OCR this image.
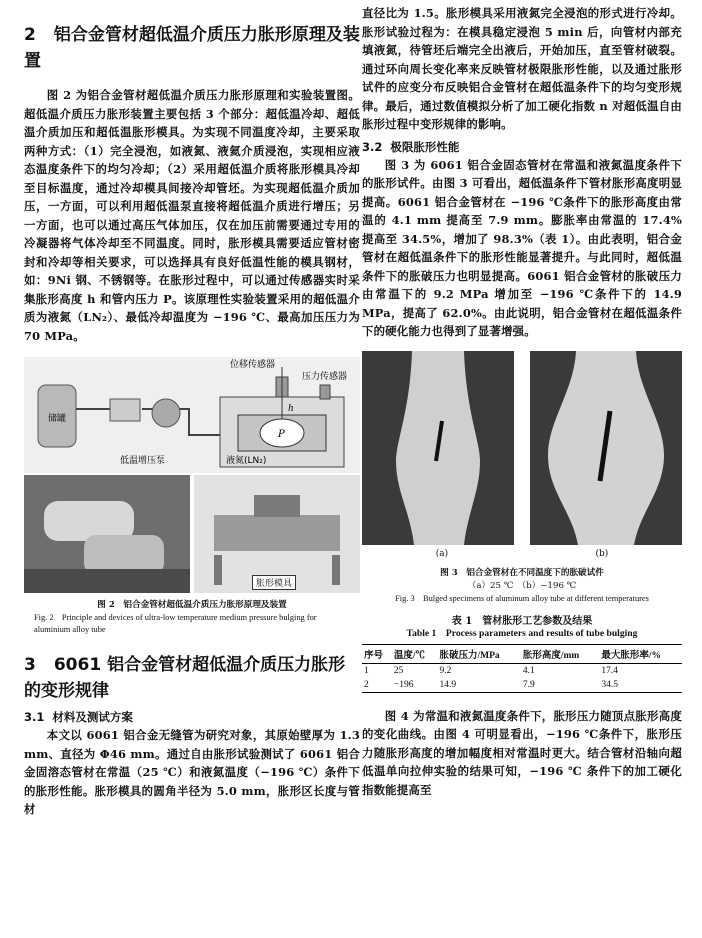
2 铝合金管材超低温介质压力胀形原理及装置

图 2 为铝合金管材超低温介质压力胀形原理和实验装置图。超低温介质压力胀形装置主要包括 3 个部分：超低温冷却、超低温介质加压和超低温胀形模具。为实现不同温度冷却，主要采取两种方式：（1）完全浸泡，如液氮、液氦介质浸泡，实现相应液态温度条件下的均匀冷却；（2）采用超低温介质将胀形模具冷却至目标温度，通过冷却模具间接冷却管坯。为实现超低温介质加压，一方面，可以利用超低温泵直接将超低温介质进行增压；另一方面，也可以通过高压气体加压，仅在加压前需要通过专用的冷凝器将气体冷却至不同温度。同时，胀形模具需要适应管材密封和冷却等相关要求，可以选择具有良好低温性能的模具钢材，如：9Ni 钢、不锈钢等。在胀形过程中，可以通过传感器实时采集胀形高度 h 和管内压力 P。该原理性实验装置采用的超低温介质为液氮（LN₂）、最低冷却温度为 −196 ℃、最高加压压力为 70 MPa。

储罐
低温增压泵
位移传感器
压力传感器
h
P
液氮(LN₂)
胀形模具
图 2　铝合金管材超低温介质压力胀形原理及装置
Fig. 2　Principle and devices of ultra-low temperature medium pressure bulging for aluminium alloy tube
3 6061 铝合金管材超低温介质压力胀形的变形规律
3.1 材料及测试方案

本文以 6061 铝合金无缝管为研究对象，其原始壁厚为 1.3 mm、直径为 Φ46 mm。通过自由胀形试验测试了 6061 铝合金固溶态管材在常温（25 ℃）和液氮温度（−196 ℃）条件下的胀形性能。胀形模具的圆角半径为 5.0 mm，胀形区长度与管材

直径比为 1.5。胀形模具采用液氮完全浸泡的形式进行冷却。胀形试验过程为：在模具稳定浸泡 5 min 后，向管材内部充填液氮，待管坯后端完全出液后，开始加压，直至管材破裂。通过环向周长变化率来反映管材极限胀形性能，以及通过胀形试件的应变分布反映铝合金管材在超低温条件下的均匀变形规律。最后，通过数值模拟分析了加工硬化指数 n 对超低温自由胀形过程中变形规律的影响。

3.2 极限胀形性能

图 3 为 6061 铝合金固态管材在常温和液氮温度条件下的胀形试件。由图 3 可看出，超低温条件下管材胀形高度明显提高。6061 铝合金管材在 −196 ℃条件下的胀形高度由常温的 4.1 mm 提高至 7.9 mm。膨胀率由常温的 17.4% 提高至 34.5%，增加了 98.3%（表 1）。由此表明，铝合金管材在超低温条件下的胀形性能显著提升。与此同时，超低温条件下的胀破压力也明显提高。6061 铝合金管材的胀破压力由常温下的 9.2 MPa 增加至 −196 ℃条件下的 14.9 MPa，提高了 62.0%。由此说明，铝合金管材在超低温条件下的硬化能力也得到了显著增强。

(a)	(b)
图 3　铝合金管材在不同温度下的胀破试件
（a）25 ℃　（b）−196 ℃
Fig. 3　Bulged specimens of aluminum alloy tube at different temperatures
表 1　管材胀形工艺参数及结果
Table 1　Process parameters and results of tube bulging
序号	温度/℃	胀破压力/MPa	胀形高度/mm	最大胀形率/%
1	25	9.2	4.1	17.4
2	−196	14.9	7.9	34.5

图 4 为常温和液氮温度条件下，胀形压力随顶点胀形高度的变化曲线。由图 4 可明显看出，−196 ℃条件下，胀形压力随胀形高度的增加幅度相对常温时更大。结合管材沿轴向超低温单向拉伸实验的结果可知，−196 ℃ 条件下的加工硬化指数能提高至
